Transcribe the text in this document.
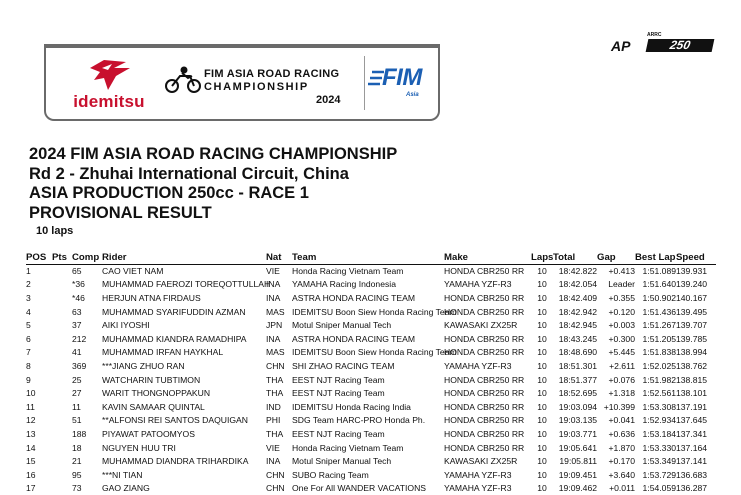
idemitsu
FIM ASIA ROAD RACING
CHAMPIONSHIP
2024
FIM
Asia
ARRC
AP	250
2024 FIM ASIA ROAD RACING CHAMPIONSHIP
Rd 2 - Zhuhai International Circuit, China
ASIA PRODUCTION 250cc - RACE 1
PROVISIONAL RESULT
10 laps
POS	Pts	Comp	Rider	Nat	Team	Make	Laps	Total	Gap	Best Lap	Speed
1		65	CAO VIET NAM	VIE	Honda Racing Vietnam Team	HONDA CBR250 RR	10	18:42.822	+0.413	1:51.089	139.931
2		*36	MUHAMMAD FAEROZI TOREQOTTULLAH	INA	YAMAHA Racing Indonesia	YAMAHA YZF-R3	10	18:42.054	Leader	1:51.640	139.240
3		*46	HERJUN ATNA FIRDAUS	INA	ASTRA HONDA RACING TEAM	HONDA CBR250 RR	10	18:42.409	+0.355	1:50.902	140.167
4		63	MUHAMMAD SYARIFUDDIN AZMAN	MAS	IDEMITSU Boon Siew Honda Racing Team	HONDA CBR250 RR	10	18:42.942	+0.120	1:51.436	139.495
5		37	AIKI IYOSHI	JPN	Motul Sniper Manual Tech	KAWASAKI ZX25R	10	18:42.945	+0.003	1:51.267	139.707
6		212	MUHAMMAD KIANDRA RAMADHIPA	INA	ASTRA HONDA RACING TEAM	HONDA CBR250 RR	10	18:43.245	+0.300	1:51.205	139.785
7		41	MUHAMMAD IRFAN HAYKHAL	MAS	IDEMITSU Boon Siew Honda Racing Team	HONDA CBR250 RR	10	18:48.690	+5.445	1:51.838	138.994
8		369	***JIANG ZHUO RAN	CHN	SHI ZHAO RACING TEAM	YAMAHA YZF-R3	10	18:51.301	+2.611	1:52.025	138.762
9		25	WATCHARIN TUBTIMON	THA	EEST NJT Racing Team	HONDA CBR250 RR	10	18:51.377	+0.076	1:51.982	138.815
10		27	WARIT THONGNOPPAKUN	THA	EEST NJT Racing Team	HONDA CBR250 RR	10	18:52.695	+1.318	1:52.561	138.101
11		11	KAVIN SAMAAR QUINTAL	IND	IDEMITSU Honda Racing India	HONDA CBR250 RR	10	19:03.094	+10.399	1:53.308	137.191
12		51	**ALFONSI REI SANTOS DAQUIGAN	PHI	SDG Team HARC-PRO Honda Ph.	HONDA CBR250 RR	10	19:03.135	+0.041	1:52.934	137.645
13		188	PIYAWAT PATOOMYOS	THA	EEST NJT Racing Team	HONDA CBR250 RR	10	19:03.771	+0.636	1:53.184	137.341
14		18	NGUYEN HUU TRI	VIE	Honda Racing Vietnam Team	HONDA CBR250 RR	10	19:05.641	+1.870	1:53.330	137.164
15		21	MUHAMMAD DIANDRA TRIHARDIKA	INA	Motul Sniper Manual Tech	KAWASAKI ZX25R	10	19:05.811	+0.170	1:53.349	137.141
16		95	***NI TIAN	CHN	SUBO Racing Team	YAMAHA YZF-R3	10	19:09.451	+3.640	1:53.729	136.683
17		73	GAO ZIANG	CHN	One For All WANDER VACATIONS	YAMAHA YZF-R3	10	19:09.462	+0.011	1:54.059	136.287
